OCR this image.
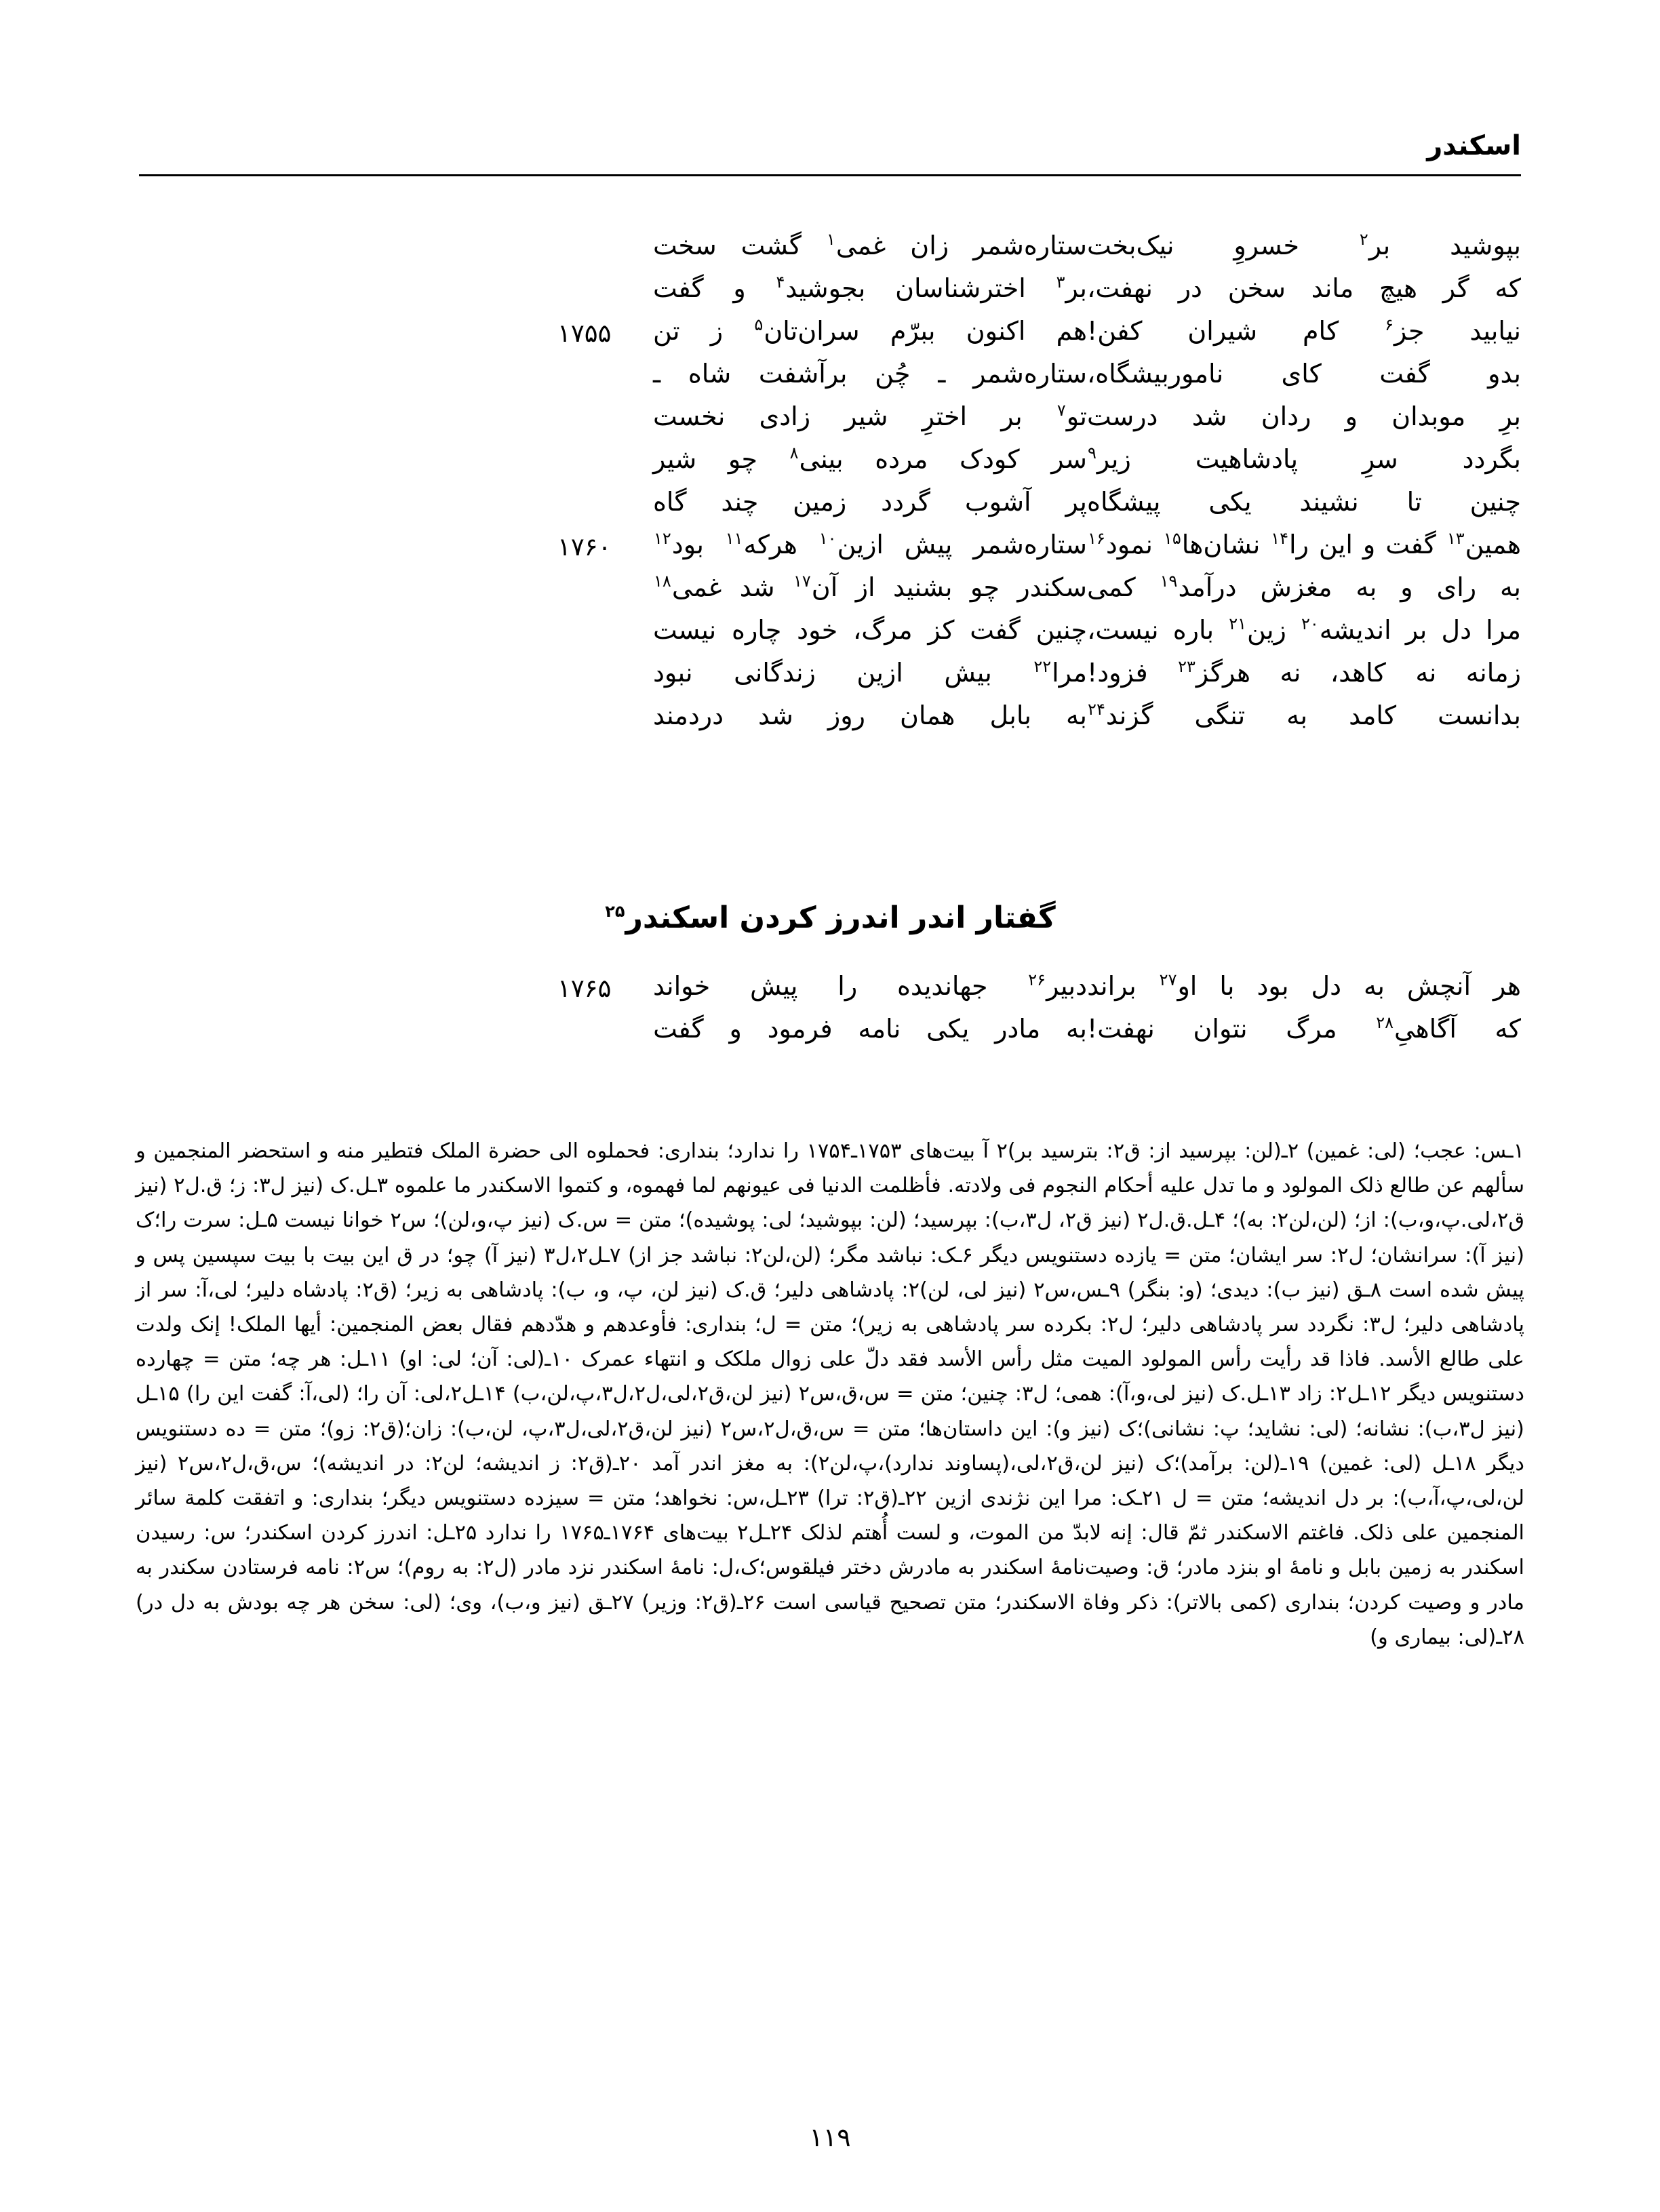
اسکندر
بپوشید
بر$^۲$
خسروِ
نیک‌بخت
ستاره‌شمر
زان
غمی$^۱$
گشت
سخت
که
گر
هیچ
ماند
سخن
در
نهفت،
بر$^۳$
اخترشناسان
بجوشید$^۴$
و
گفت
نیابید
جز$^۶$
کام
شیران
کفن!
هم
اکنون
ببرّم
سران‌تان$^۵$
ز
تن
۱۷۵۵
بدو
گفت
کای
ناموربیشگاه،
ستاره‌شمر
ـ
چُن
برآشفت
شاه
ـ
برِ
موبدان
و
ردان
شد
درست
تو$^۷$
بر
اخترِ
شیر
زادی
نخست
بگردد
سرِ
پادشاهیت
زیر$^۹$
سر
کودک
مرده
بینی$^۸$
چو
شیر
چنین
تا
نشیند
یکی
پیشگاه
پر
آشوب
گردد
زمین
چند
گاه
همین$^{۱۳}$
گفت
و
این
را$^{۱۴}$
نشان‌ها$^{۱۵}$
نمود$^{۱۶}$
ستاره‌شمر
پیش
ازین$^{۱۰}$
هرکه$^{۱۱}$
بود$^{۱۲}$
۱۷۶۰
به
رای
و
به
مغزش
درآمد$^{۱۹}$
کمی
سکندر
چو
بشنید
از
آن$^{۱۷}$
شد
غمی$^{۱۸}$
مرا
دل
بر
اندیشه$^{۲۰}$
زین$^{۲۱}$
باره
نیست،
چنین
گفت
کز
مرگ،
خود
چاره
نیست
زمانه
نه
کاهد،
نه
هرگز$^{۲۳}$
فزود!
مرا$^{۲۲}$
بیش
ازین
زندگانی
نبود
بدانست
کامد
به
تنگی
گزند$^{۲۴}$
به
بابل
همان
روز
شد
دردمند
گفتار اندر اندرز کردن اسکندر$^{۲۵}$
هر
آنچش
به
دل
بود
با
او$^{۲۷}$
براند
دبیر$^{۲۶}$
جهاندیده
را
پیش
خواند
۱۷۶۵
که
آگاهیِ$^{۲۸}$
مرگ
نتوان
نهفت!
به
مادر
یکی
نامه
فرمود
و
گفت

۱ـس: عجب؛ (لی: غمین) ۲ـ(لن: بپرسید از: ق۲: بترسید بر)٢ آ بیت‌های ۱۷۵۳ـ۱۷۵۴ را ندارد؛ بنداری: فحملوه الی حضرة الملک فتطیر منه و استحضر المنجمین و سألهم عن طالع ذلک المولود و ما تدل علیه أحکام النجوم فی ولادته. فأظلمت الدنیا فی عیونهم لما فهموه، و کتموا الاسکندر ما علموه ۳ـل.ک (نیز ل۳: ز؛ ق.ل۲ (نیز ق۲،لی.پ،و،ب): از؛ (لن،لن۲: به)؛ ۴ـل.ق.ل۲ (نیز ق۲، ل۳،ب): بپرسید؛ (لن: بپوشید؛ لی: پوشیده)؛ متن = س.ک (نیز پ،و،لن)؛ س۲ خوانا نیست ۵ـل: سرت را؛ک (نیز آ): سرانشان؛ ل۲: سر ایشان؛ متن = یازده دستنویس دیگر ۶ـک: نباشد مگر؛ (لن،لن۲: نباشد جز از) ۷ـل۲،ل۳ (نیز آ) چو؛ در ق این بیت با بیت سپسین پس و پیش شده است ۸ـق (نیز ب): دیدی؛ (و: بنگر) ۹ـس،س۲ (نیز لی، لن)۲: پادشاهی دلیر؛ ق.ک (نیز لن، پ، و، ب): پادشاهی به زیر؛ (ق۲: پادشاه دلیر؛ لی،آ: سر از پادشاهی دلیر؛ ل۳: نگردد سر پادشاهی دلیر؛ ل۲: بکرده سر پادشاهی به زیر)؛ متن = ل؛ بنداری: فأوعدهم و هدّدهم فقال بعض المنجمین: أیها الملک! إنک ولدت علی طالع الأسد. فاذا قد رأیت رأس المولود المیت مثل رأس الأسد فقد دلّ علی زوال ملکک و انتهاء عمرک ۱۰ـ(لی: آن؛ لی: او) ۱۱ـل: هر چه؛ متن = چهارده دستنویس دیگر ۱۲ـل۲: زاد ۱۳ـل.ک (نیز لی،و،آ): همی؛ ل۳: چنین؛ متن = س،ق،س۲ (نیز لن،ق۲،لی،ل۲،ل۳،پ،لن،ب) ۱۴ـل۲،لی: آن را؛ (لی،آ: گفت این را) ۱۵ـل (نیز ل۳،ب): نشانه؛ (لی: نشاید؛ پ: نشانی)؛ک (نیز و): این داستان‌ها؛ متن = س،ق،ل۲،س۲ (نیز لن،ق۲،لی،ل۳،پ، لن،ب): زان؛(ق۲: زو)؛ متن = ده دستنویس دیگر ۱۸ـل (لی: غمین) ۱۹ـ(لن: برآمد)؛ک (نیز لن،ق۲،لی،(پساوند ندارد)،پ،لن۲): به مغز اندر آمد ۲۰ـ(ق۲: ز اندیشه؛ لن۲: در اندیشه)؛ س،ق،ل۲،س۲ (نیز لن،لی،پ،آ،ب): بر دل اندیشه؛ متن = ل ۲۱ـک: مرا این نژندی ازین ۲۲ـ(ق۲: ترا) ۲۳ـل،س: نخواهد؛ متن = سیزده دستنویس دیگر؛ بنداری: و اتفقت کلمة سائر المنجمین علی ذلک. فاغتم الاسکندر ثمّ قال: إنه لابدّ من الموت، و لست أُهتم لذلک ۲۴ـل۲ بیت‌های ۱۷۶۴ـ۱۷۶۵ را ندارد ۲۵ـل: اندرز کردن اسکندر؛ س: رسیدن اسکندر به زمین بابل و نامهٔ او بنزد مادر؛ ق: وصیت‌نامهٔ اسکندر به مادرش دختر فیلقوس؛ک،ل: نامهٔ اسکندر نزد مادر (ل۲: به روم)؛ س۲: نامه فرستادن سکندر به مادر و وصیت کردن؛ بنداری (کمی بالاتر): ذکر وفاة الاسکندر؛ متن تصحیح قیاسی است ۲۶ـ(ق۲: وزیر) ۲۷ـق (نیز و،ب)، وی؛ (لی: سخن هر چه بودش به دل در) ۲۸ـ(لی: بیماری و)

۱۱۹
